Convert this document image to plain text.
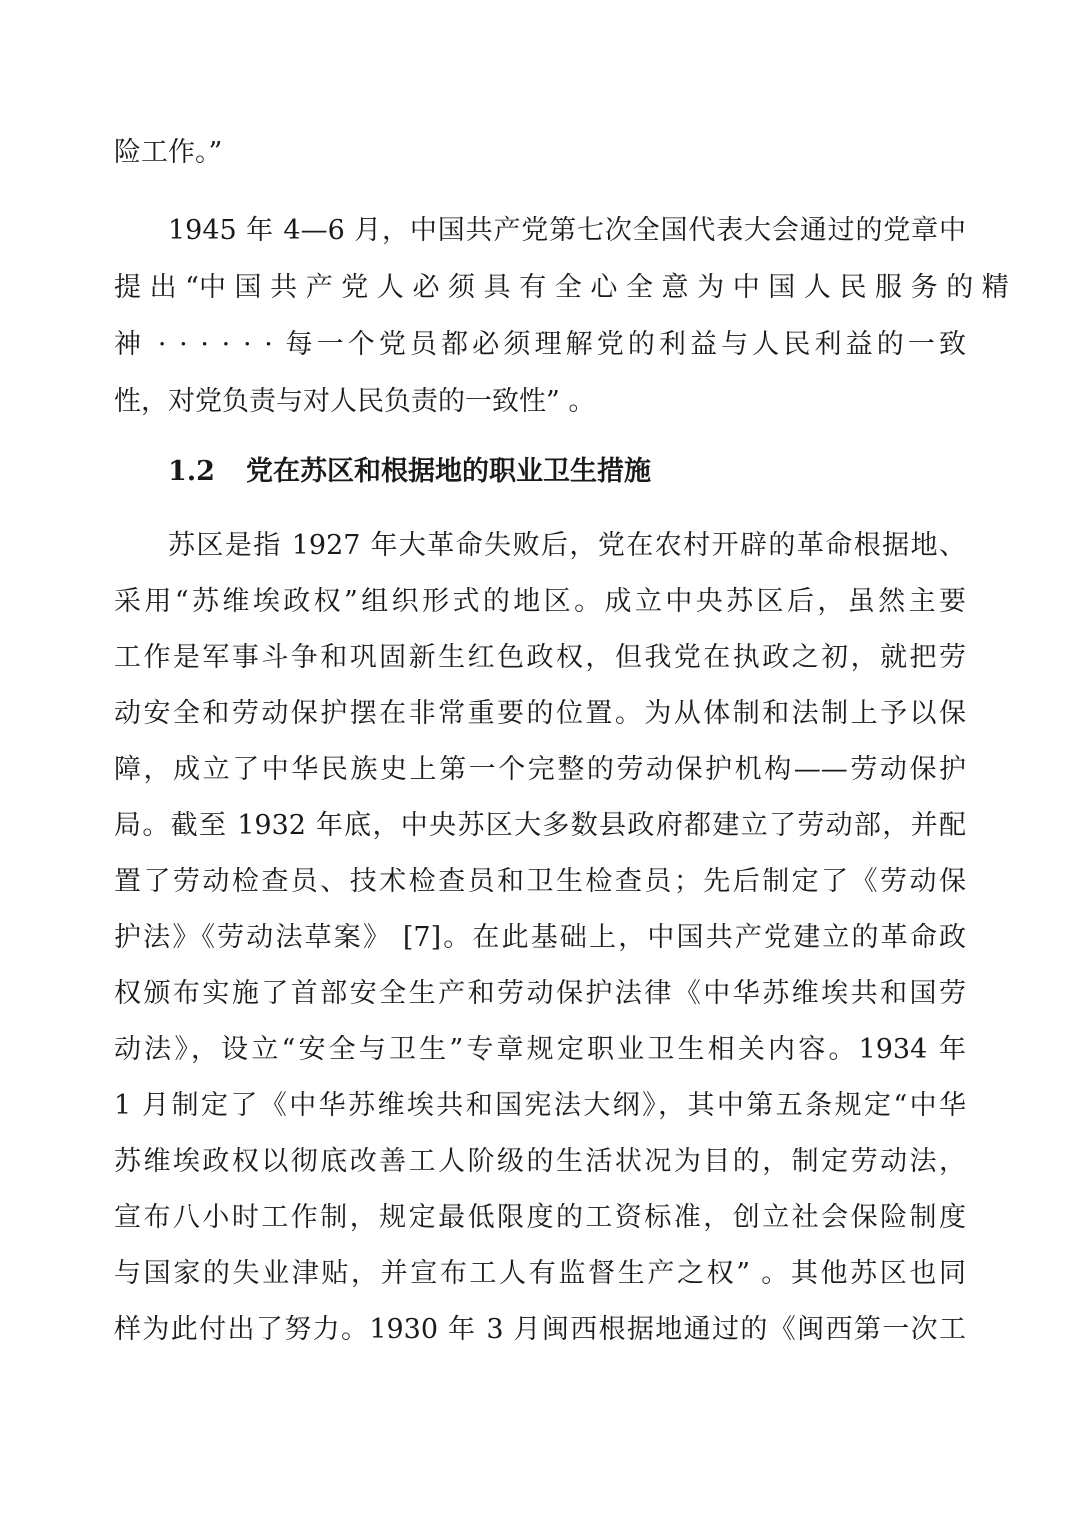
险工作。”
1945 年 4—6 月，中国共产党第七次全国代表大会通过的党章中
提 出 “中 国 共 产 党 人 必 须 具 有 全 心 全 意 为 中 国 人 民 服 务 的 精
神 · · · · · · 每一个党员都必须理解党的利益与人民利益的一致
性，对党负责与对人民负责的一致性” 。
1.2 党在苏区和根据地的职业卫生措施
苏区是指 1927 年大革命失败后，党在农村开辟的革命根据地、
采用“苏维埃政权”组织形式的地区。成立中央苏区后，虽然主要
工作是军事斗争和巩固新生红色政权，但我党在执政之初，就把劳
动安全和劳动保护摆在非常重要的位置。为从体制和法制上予以保
障，成立了中华民族史上第一个完整的劳动保护机构——劳动保护
局。截至 1932 年底，中央苏区大多数县政府都建立了劳动部，并配
置了劳动检查员、技术检查员和卫生检查员；先后制定了《劳动保
护法》《劳动法草案》 [7]。在此基础上，中国共产党建立的革命政
权颁布实施了首部安全生产和劳动保护法律《中华苏维埃共和国劳
动法》，设立“安全与卫生”专章规定职业卫生相关内容。1934 年
1 月制定了《中华苏维埃共和国宪法大纲》，其中第五条规定“中华
苏维埃政权以彻底改善工人阶级的生活状况为目的，制定劳动法，
宣布八小时工作制，规定最低限度的工资标准，创立社会保险制度
与国家的失业津贴，并宣布工人有监督生产之权” 。其他苏区也同
样为此付出了努力。1930 年 3 月闽西根据地通过的《闽西第一次工
